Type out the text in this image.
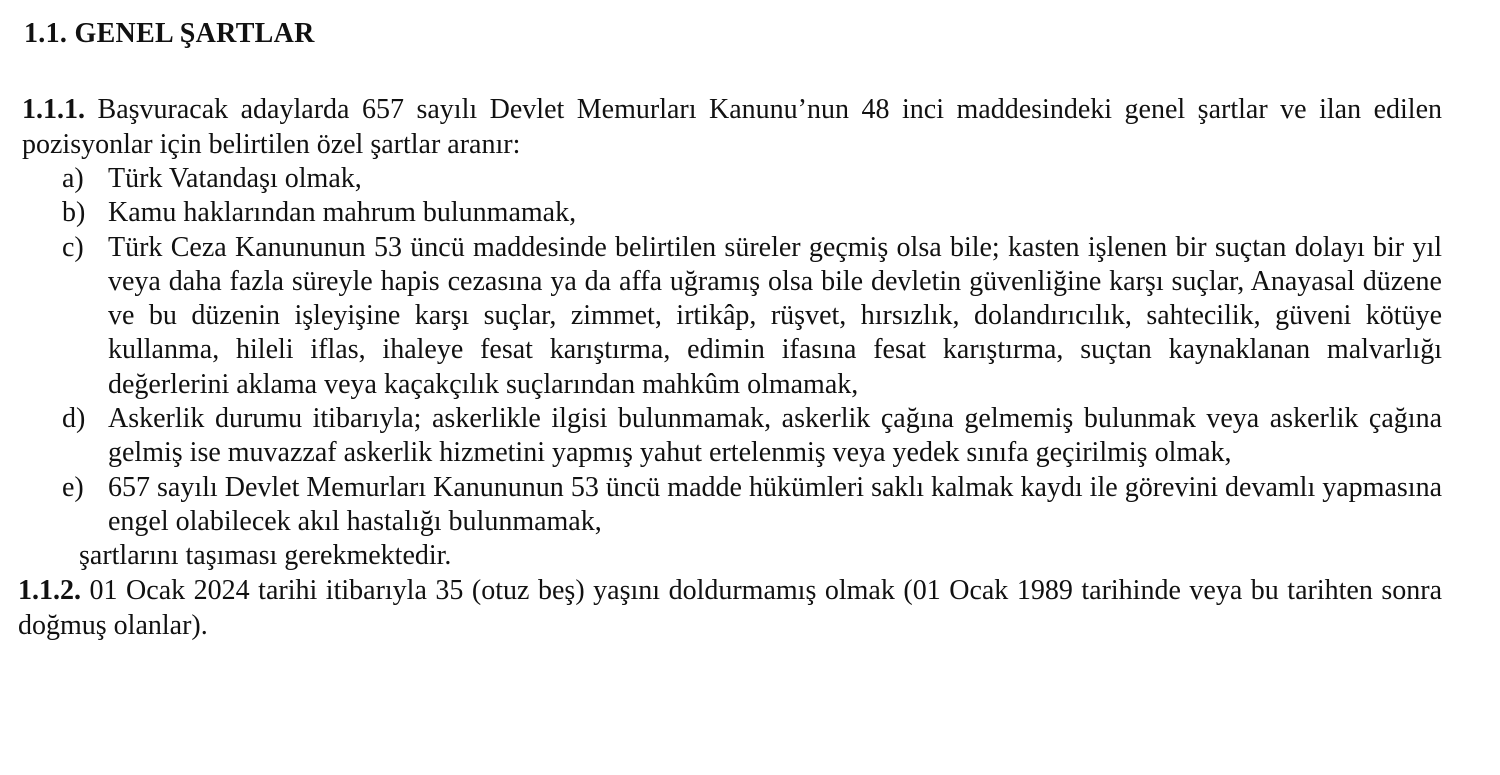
1.1. GENEL ŞARTLAR

1.1.1. Başvuracak adaylarda 657 sayılı Devlet Memurları Kanunu’nun 48 inci maddesindeki genel şartlar ve ilan edilen pozisyonlar için belirtilen özel şartlar aranır:

a) Türk Vatandaşı olmak,
b) Kamu haklarından mahrum bulunmamak,
c) Türk Ceza Kanununun 53 üncü maddesinde belirtilen süreler geçmiş olsa bile; kasten işlenen bir suçtan dolayı bir yıl veya daha fazla süreyle hapis cezasına ya da affa uğramış olsa bile devletin güvenliğine karşı suçlar, Anayasal düzene ve bu düzenin işleyişine karşı suçlar, zimmet, irtikâp, rüşvet, hırsızlık, dolandırıcılık, sahtecilik, güveni kötüye kullanma, hileli iflas, ihaleye fesat karıştırma, edimin ifasına fesat karıştırma, suçtan kaynaklanan malvarlığı değerlerini aklama veya kaçakçılık suçlarından mahkûm olmamak,
d) Askerlik durumu itibarıyla; askerlikle ilgisi bulunmamak, askerlik çağına gelmemiş bulunmak veya askerlik çağına gelmiş ise muvazzaf askerlik hizmetini yapmış yahut ertelenmiş veya yedek sınıfa geçirilmiş olmak,
e) 657 sayılı Devlet Memurları Kanununun 53 üncü madde hükümleri saklı kalmak kaydı ile görevini devamlı yapmasına engel olabilecek akıl hastalığı bulunmamak,
şartlarını taşıması gerekmektedir.

1.1.2. 01 Ocak 2024 tarihi itibarıyla 35 (otuz beş) yaşını doldurmamış olmak (01 Ocak 1989 tarihinde veya bu tarihten sonra doğmuş olanlar).
